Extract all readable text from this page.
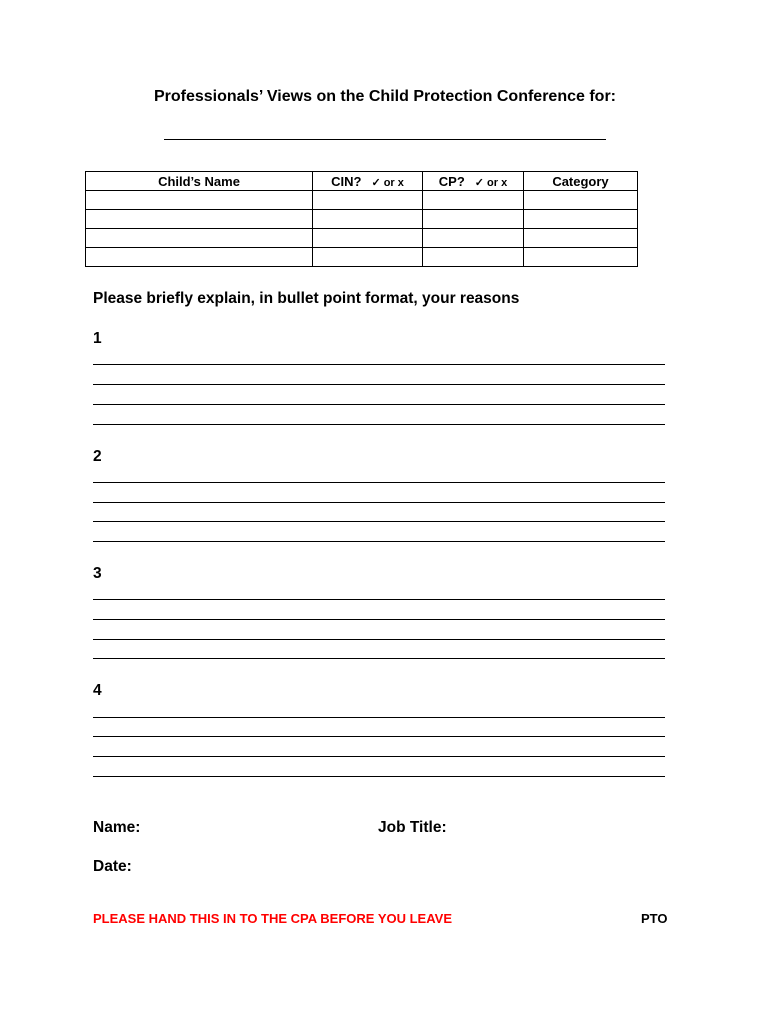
Professionals’ Views on the Child Protection Conference for:
Child’s Name	CIN? ✓ or x	CP? ✓ or x	Category

Please briefly explain, in bullet point format, your reasons
1
2
3
4
Name:	Job Title:
Date:
PLEASE HAND THIS IN TO THE CPA BEFORE YOU LEAVE	PTO
